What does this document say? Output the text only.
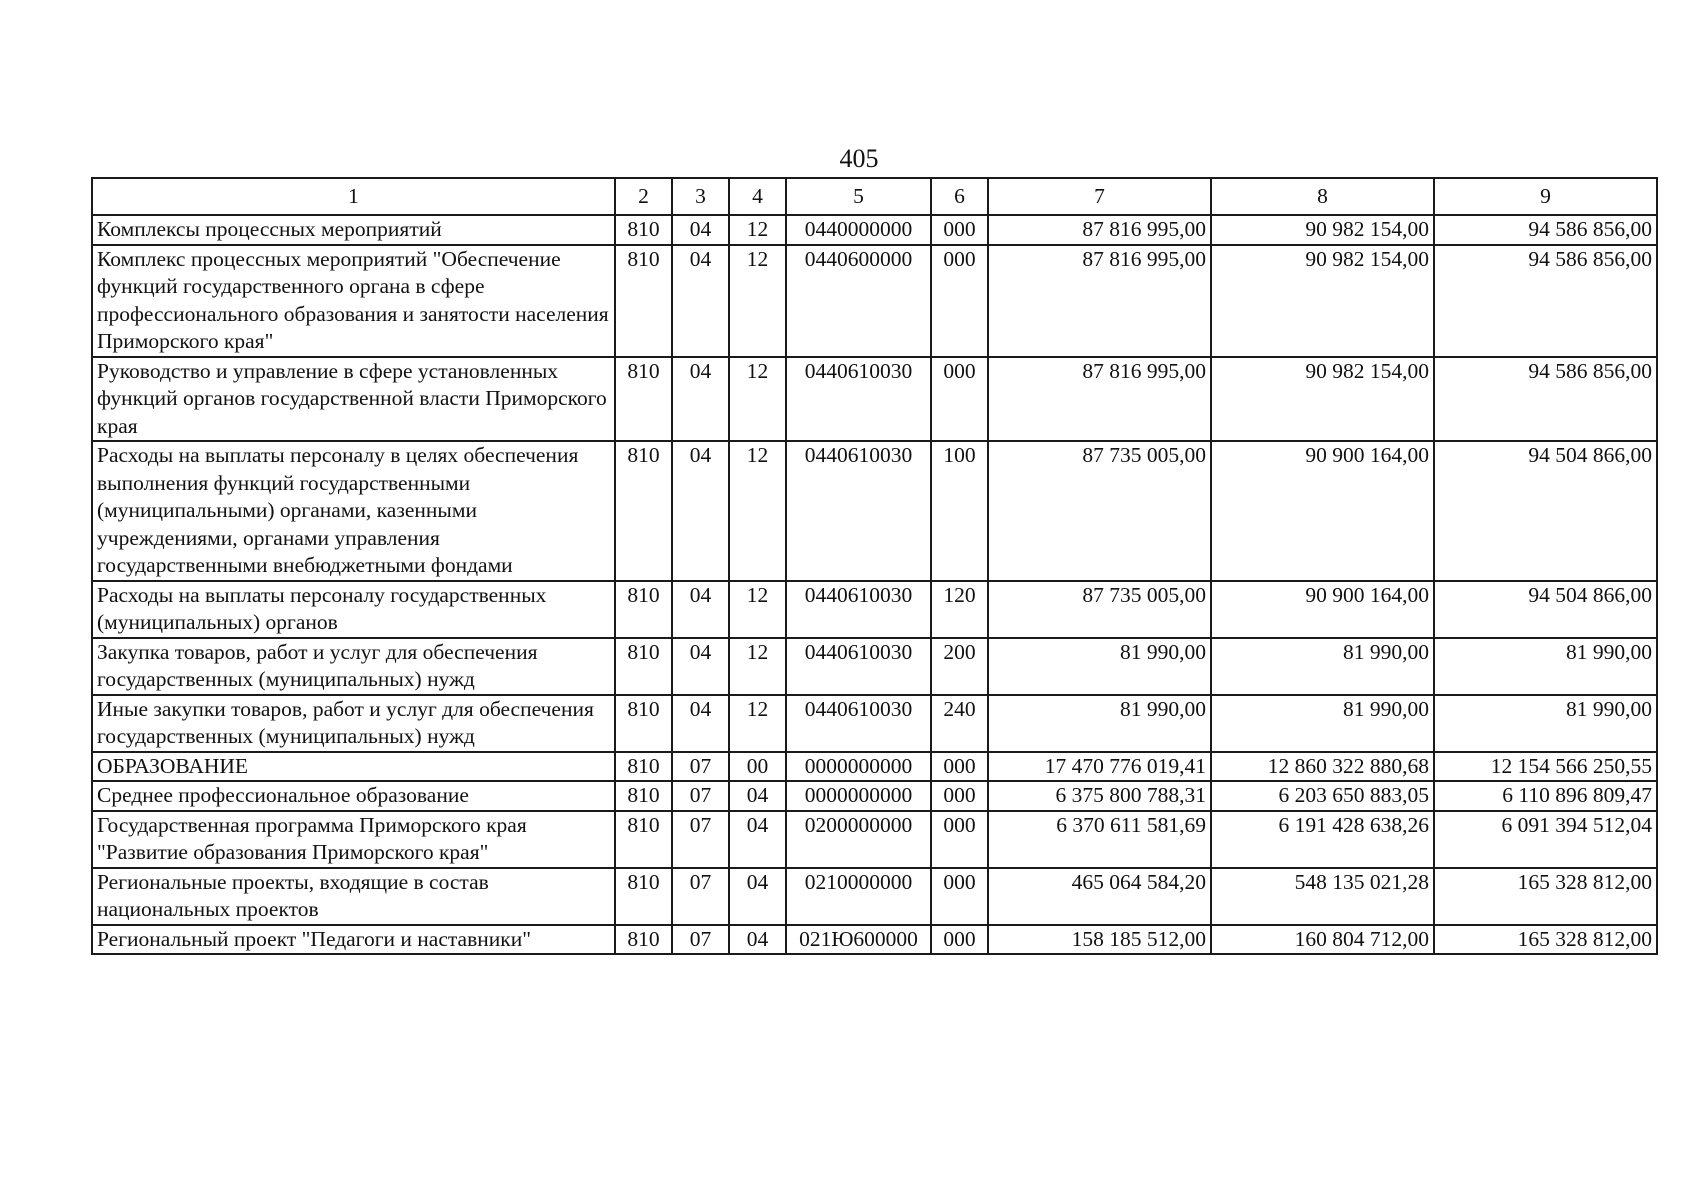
405
1	2	3	4	5	6	7	8	9
Комплексы процессных мероприятий	810	04	12	0440000000	000	87 816 995,00	90 982 154,00	94 586 856,00
Комплекс процессных мероприятий "Обеспечение функций государственного органа в сфере профессионального образования и занятости населения Приморского края"	810	04	12	0440600000	000	87 816 995,00	90 982 154,00	94 586 856,00
Руководство и управление в сфере установленных функций органов государственной власти Приморского края	810	04	12	0440610030	000	87 816 995,00	90 982 154,00	94 586 856,00
Расходы на выплаты персоналу в целях обеспечения выполнения функций государственными (муниципальными) органами, казенными учреждениями, органами управления государственными внебюджетными фондами	810	04	12	0440610030	100	87 735 005,00	90 900 164,00	94 504 866,00
Расходы на выплаты персоналу государственных (муниципальных) органов	810	04	12	0440610030	120	87 735 005,00	90 900 164,00	94 504 866,00
Закупка товаров, работ и услуг для обеспечения государственных (муниципальных) нужд	810	04	12	0440610030	200	81 990,00	81 990,00	81 990,00
Иные закупки товаров, работ и услуг для обеспечения государственных (муниципальных) нужд	810	04	12	0440610030	240	81 990,00	81 990,00	81 990,00
ОБРАЗОВАНИЕ	810	07	00	0000000000	000	17 470 776 019,41	12 860 322 880,68	12 154 566 250,55
Среднее профессиональное образование	810	07	04	0000000000	000	6 375 800 788,31	6 203 650 883,05	6 110 896 809,47
Государственная программа Приморского края "Развитие образования Приморского края"	810	07	04	0200000000	000	6 370 611 581,69	6 191 428 638,26	6 091 394 512,04
Региональные проекты, входящие в состав национальных проектов	810	07	04	0210000000	000	465 064 584,20	548 135 021,28	165 328 812,00
Региональный проект "Педагоги и наставники"	810	07	04	021Ю600000	000	158 185 512,00	160 804 712,00	165 328 812,00
